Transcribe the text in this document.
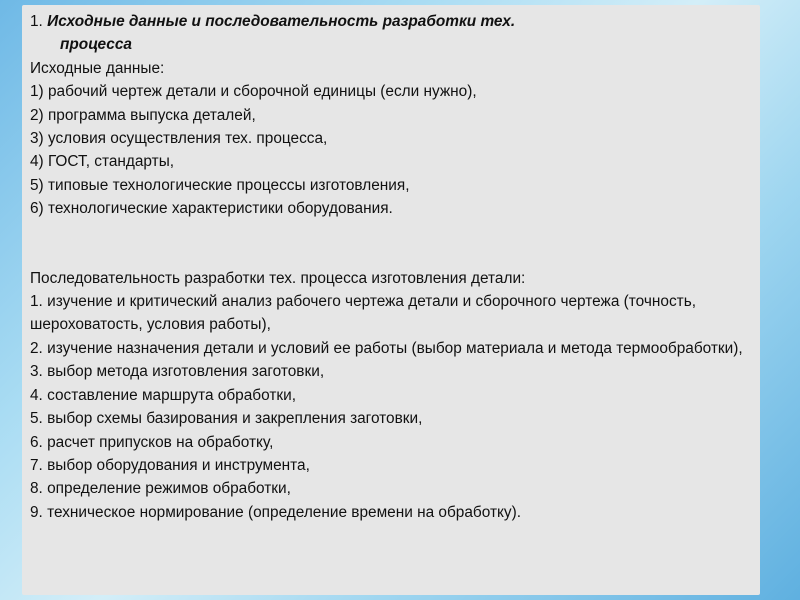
1. Исходные данные и последовательность разработки тех.
процесса
Исходные данные:
1) рабочий чертеж детали и сборочной единицы (если нужно),
2) программа выпуска деталей,
3) условия осуществления тех. процесса,
4) ГОСТ, стандарты,
5) типовые технологические процессы изготовления,
6) технологические характеристики оборудования.
Последовательность разработки тех. процесса изготовления детали:
1. изучение и критический анализ рабочего чертежа детали и сборочного чертежа (точность, шероховатость, условия работы),
2. изучение назначения детали и условий ее работы (выбор материала и метода термообработки),
3. выбор метода изготовления заготовки,
4. составление маршрута обработки,
5. выбор схемы базирования и закрепления заготовки,
6. расчет припусков на обработку,
7. выбор оборудования и инструмента,
8. определение режимов обработки,
9. техническое нормирование (определение времени на обработку).
